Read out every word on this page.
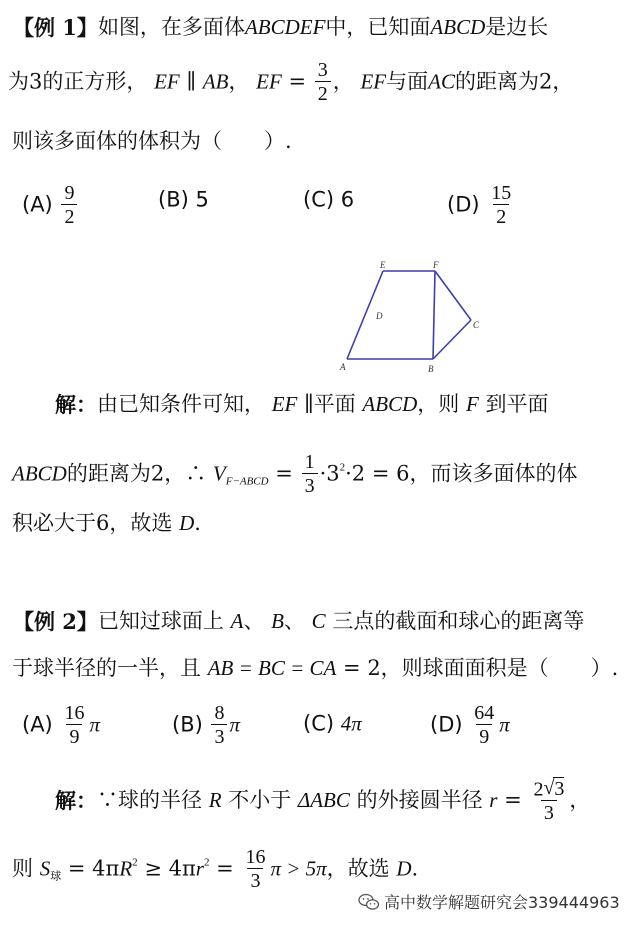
【例 1】如图，在多面体ABCDEF中，已知面ABCD是边长
为3的正方形， EF ∥ AB， EF = $\frac{3}{2}$ ， EF与面AC的距离为2，
则该多面体的体积为（　　）.
$(A) \frac{9}{2}$	(B) 5	(C) 6	$(D) \frac{15}{2}$
E	F
D
C
A	B
解：由已知条件可知， EF ∥平面 ABCD，则 F 到平面
ABCD的距离为2，∴ $V_{F-ABCD} = \frac{1}{3} \cdot 3^2\cdot 2 = 6$，而该多面体的体
积必大于6，故选 D.
【例 2】已知过球面上 A、 B、 C 三点的截面和球心的距离等
于球半径的一半，且 AB = BC = CA = 2，则球面面积是（　　）.
$(A) \frac{16}{9}$ π	$(B) \frac{8}{3}$ π	(C) 4π	$(D) \frac{64}{9}$ π
解：∵球的半径 R 不小于 ΔABC 的外接圆半径 $r = \frac{2√3}{3}$ ，
则 $S_球 = 4\pi R^2 \ge 4\pi r^2 = \frac{16}{3}$ π > 5π，故选 D.
高中数学解题研究会339444963
